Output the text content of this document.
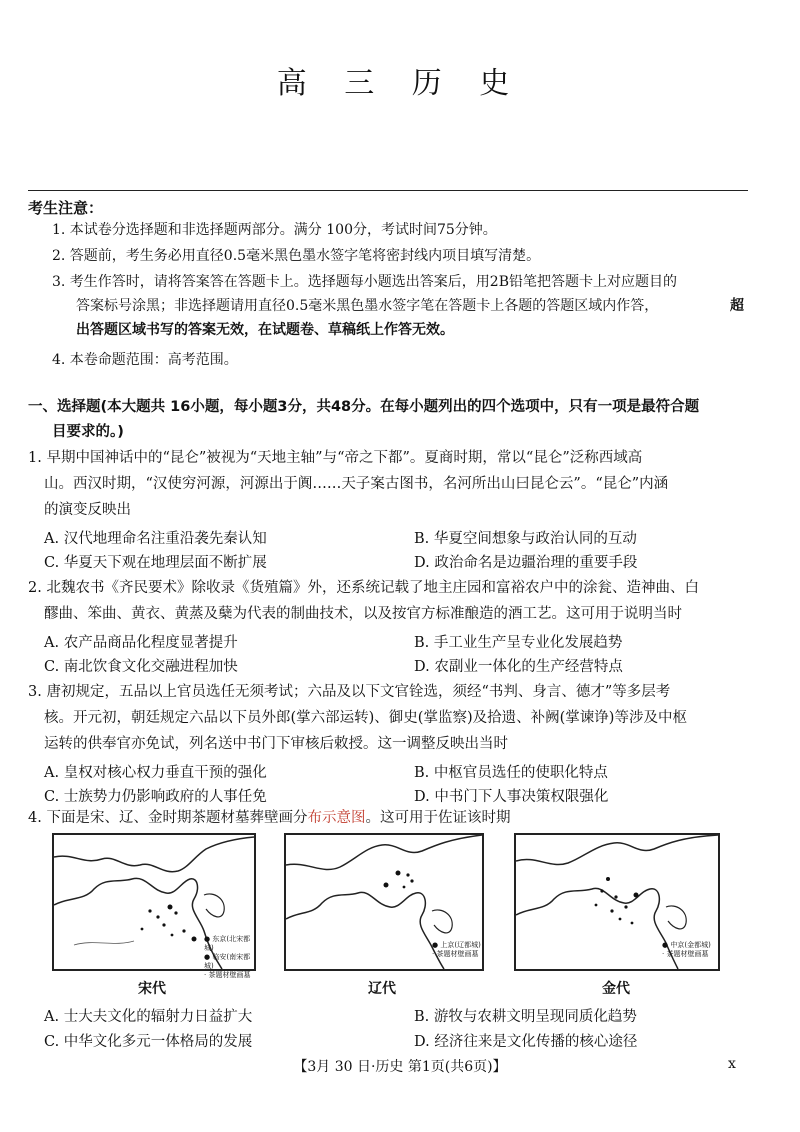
高 三 历 史
考生注意：
1. 本试卷分选择题和非选择题两部分。满分 100分，考试时间75分钟。
2. 答题前，考生务必用直径0.5毫米黑色墨水签字笔将密封线内项目填写清楚。
3. 考生作答时，请将答案答在答题卡上。选择题每小题选出答案后，用2B铅笔把答题卡上对应题目的
答案标号涂黑；非选择题请用直径0.5毫米黑色墨水签字笔在答题卡上各题的答题区域内作答，	超
出答题区域书写的答案无效，在试题卷、草稿纸上作答无效。
4. 本卷命题范围：高考范围。
一、选择题(本大题共 16小题，每小题3分，共48分。在每小题列出的四个选项中，只有一项是最符合题
目要求的。)
1. 早期中国神话中的“昆仑”被视为“天地主轴”与“帝之下都”。夏商时期，常以“昆仑”泛称西域高
山。西汉时期，“汉使穷河源，河源出于阗……天子案古图书，名河所出山曰昆仑云”。“昆仑”内涵
的演变反映出
A. 汉代地理命名注重沿袭先秦认知	B. 华夏空间想象与政治认同的互动
C. 华夏天下观在地理层面不断扩展	D. 政治命名是边疆治理的重要手段
2. 北魏农书《齐民要术》除收录《货殖篇》外，还系统记载了地主庄园和富裕农户中的涂瓮、造神曲、白
醪曲、笨曲、黄衣、黄蒸及蘖为代表的制曲技术，以及按官方标准酿造的酒工艺。这可用于说明当时
A. 农产品商品化程度显著提升	B. 手工业生产呈专业化发展趋势
C. 南北饮食文化交融进程加快	D. 农副业一体化的生产经营特点
3. 唐初规定，五品以上官员选任无须考试；六品及以下文官铨选，须经“书判、身言、德才”等多层考
核。开元初，朝廷规定六品以下员外郎(掌六部运转)、御史(掌监察)及拾遗、补阙(掌谏诤)等涉及中枢
运转的供奉官亦免试，列名送中书门下审核后敕授。这一调整反映出当时
A. 皇权对核心权力垂直干预的强化	B. 中枢官员选任的使职化特点
C. 士族势力仍影响政府的人事任免	D. 中书门下人事决策权限强化
4. 下面是宋、辽、金时期茶题材墓葬壁画分布示意图。这可用于佐证该时期
● 东京(北宋都城)
● 临安(南宋都城)
· 茶题材壁画墓
宋代
● 上京(辽都城)
· 茶题材壁画墓
辽代
● 中京(金都城)
· 茶题材壁画墓
金代
A. 士大夫文化的辐射力日益扩大	B. 游牧与农耕文明呈现同质化趋势
C. 中华文化多元一体格局的发展	D. 经济往来是文化传播的核心途径
【3月 30 日·历史 第1页(共6页)】	x
